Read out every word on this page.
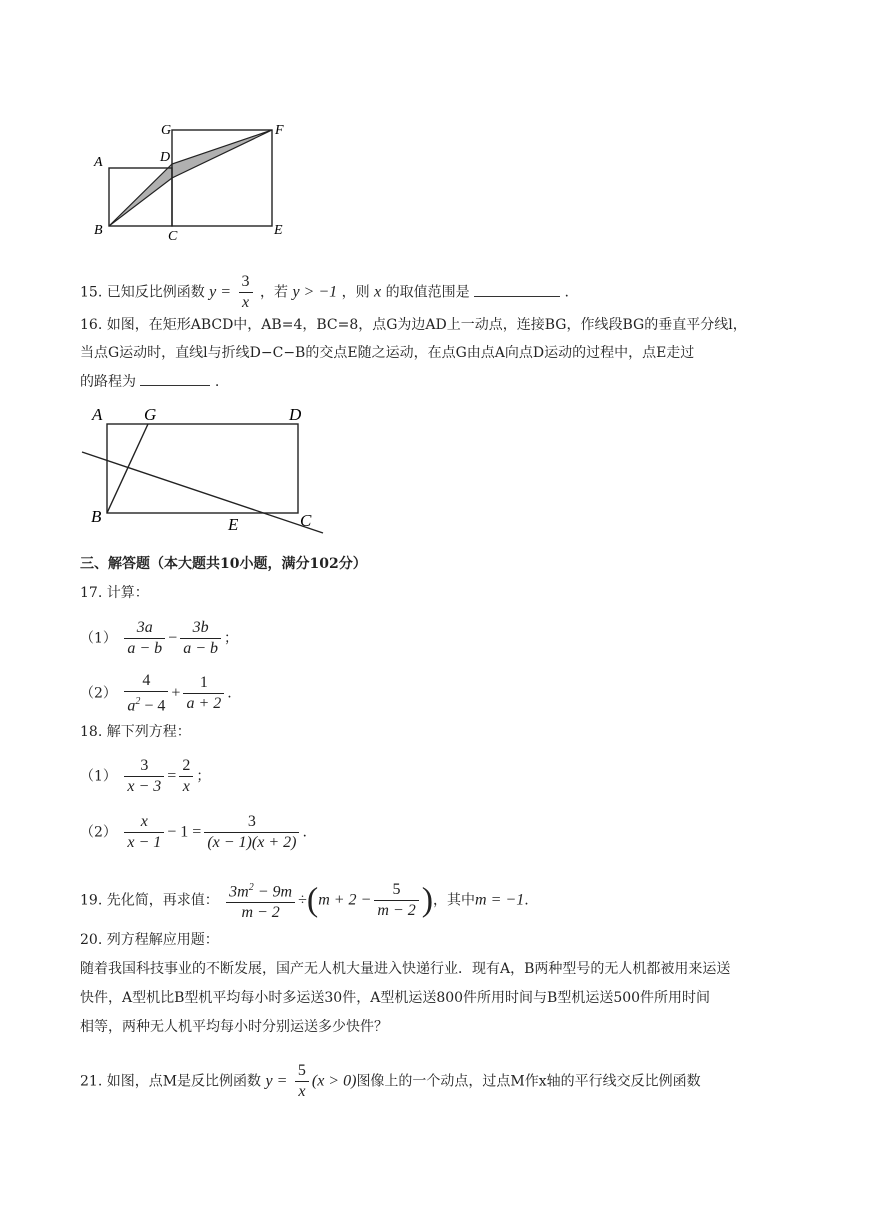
G	F
A	D
B	C	E
15. 已知反比例函数 $y = \frac{3}{x}$ ，若 y > −1 ，则 x 的取值范围是	.
16. 如图，在矩形ABCD中，AB=4，BC=8，点G为边AD上一动点，连接BG，作线段BG的垂直平分线l，
当点G运动时，直线l与折线D−C−B的交点E随之运动，在点G由点A向点D运动的过程中，点E走过
的路程为	.
A G	D
B	E	C
三、解答题（本大题共10小题，满分102分）
17. 计算：
$(1) \frac{3a}{a - b} - \frac{3b}{a - b}$ ；
$(2) \frac{4}{a^2 - 4} + \frac{1}{a + 2}$ .
18. 解下列方程：
$(1) \frac{3}{x - 3} = \frac{2}{x}$ ；
$(2) \frac{x}{x - 1} - 1 = \frac{3}{(x - 1)(x + 2)}$ .
19. 先化简，再求值： $\frac{3m^2 - 9m}{m - 2} \div(m + 2 - \frac{5}{m - 2}$ )，其中m = −1.
20. 列方程解应用题：
随着我国科技事业的不断发展，国产无人机大量进入快递行业．现有A，B两种型号的无人机都被用来运送
快件，A型机比B型机平均每小时多运送30件，A型机运送800件所用时间与B型机运送500件所用时间
相等，两种无人机平均每小时分别运送多少快件？
21. 如图，点M是反比例函数 $y = \frac{5}{x} (x > 0)$图像上的一个动点，过点M作x轴的平行线交反比例函数
